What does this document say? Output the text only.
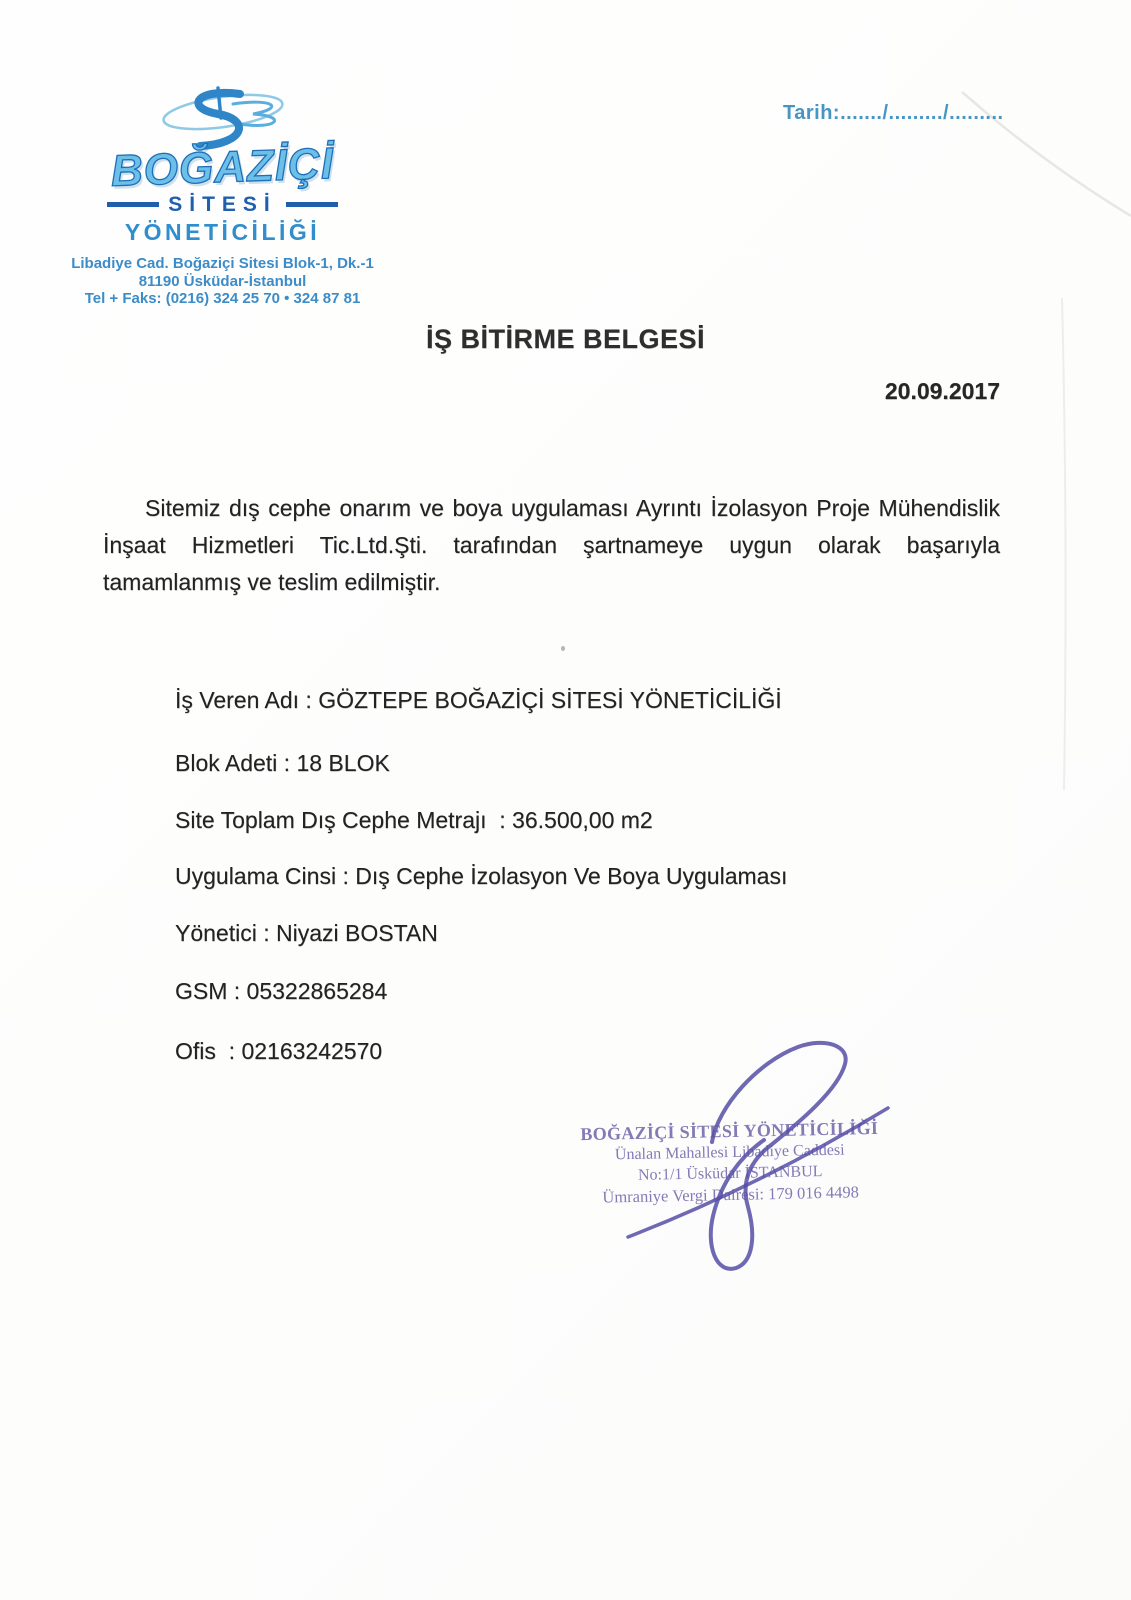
BOĞAZİÇİ
SİTESİ
YÖNETİCİLİĞİ
Libadiye Cad. Boğaziçi Sitesi Blok-1, Dk.-1
81190 Üsküdar-İstanbul
Tel + Faks: (0216) 324 25 70 • 324 87 81
Tarih:......./........./.........
İŞ BİTİRME BELGESİ
20.09.2017
Sitemiz dış cephe onarım ve boya uygulaması Ayrıntı İzolasyon Proje Mühendislik İnşaat Hizmetleri Tic.Ltd.Şti. tarafından şartnameye uygun olarak başarıyla tamamlanmış ve teslim edilmiştir.
İş Veren Adı : GÖZTEPE BOĞAZİÇİ SİTESİ YÖNETİCİLİĞİ
Blok Adeti : 18 BLOK
Site Toplam Dış Cephe Metrajı  : 36.500,00 m2
Uygulama Cinsi : Dış Cephe İzolasyon Ve Boya Uygulaması
Yönetici : Niyazi BOSTAN
GSM : 05322865284
Ofis  : 02163242570
BOĞAZİÇİ SİTESİ YÖNETİCİLİĞİ
Ünalan Mahallesi Libadiye Caddesi
No:1/1 Üsküdar İSTANBUL
Ümraniye Vergi Dairesi: 179 016 4498
